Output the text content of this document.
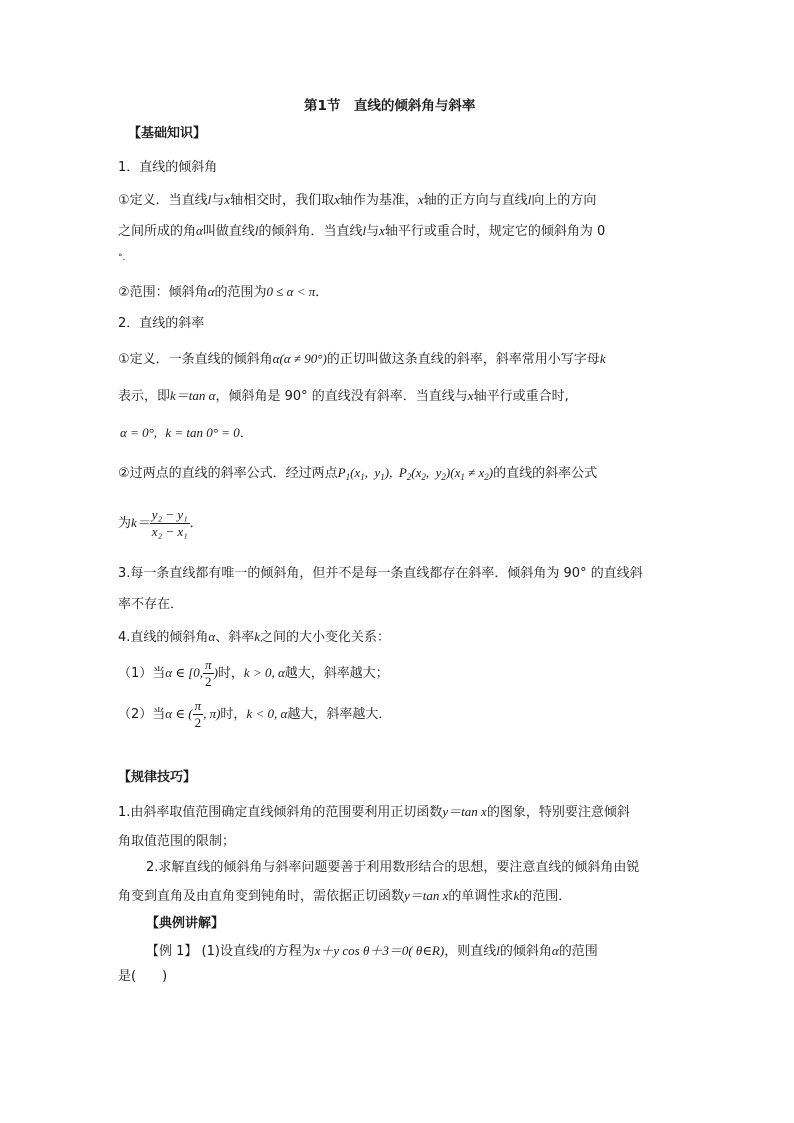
第1节　直线的倾斜角与斜率
【基础知识】
1．直线的倾斜角
①定义．当直线l与x轴相交时，我们取x轴作为基准，x轴的正方向与直线l向上的方向
之间所成的角α叫做直线l的倾斜角．当直线l与x轴平行或重合时，规定它的倾斜角为 0
°．
②范围：倾斜角α的范围为0 ≤ α < π．
2．直线的斜率
①定义．一条直线的倾斜角α(α ≠ 90°)的正切叫做这条直线的斜率，斜率常用小写字母k
表示，即k＝tan α，倾斜角是 90° 的直线没有斜率．当直线与x轴平行或重合时,
α = 0°, k = tan 0° = 0．
②过两点的直线的斜率公式．经过两点$P_1(x_1$,  $y_1$),  $P_2(x_2$,  $y_2)(x_1 \ne x_2)$的直线的斜率公式
为$k= \frac{\text{y₂ − y₁}}{\text{x₂ − x₁}}$ ．
3.每一条直线都有唯一的倾斜角，但并不是每一条直线都存在斜率．倾斜角为 90° 的直线斜
率不存在．
4.直线的倾斜角α、斜率k之间的大小变化关系：
（1）当α ∈ [0, $\frac{\pi}{2}$ )时，k > 0, α越大，斜率越大；
（2）当α ∈ ( $\frac{\pi}{2}$ , π)时，k < 0, α越大，斜率越大．
【规律技巧】
1.由斜率取值范围确定直线倾斜角的范围要利用正切函数y＝tan x的图象，特别要注意倾斜
角取值范围的限制；
2.求解直线的倾斜角与斜率问题要善于利用数形结合的思想，要注意直线的倾斜角由锐
角变到直角及由直角变到钝角时，需依据正切函数y＝tan x的单调性求k的范围．
【典例讲解】
【例 1】 (1)设直线l的方程为x＋y cos θ＋3＝0( θ∈R)，则直线l的倾斜角α的范围
是(　　)
